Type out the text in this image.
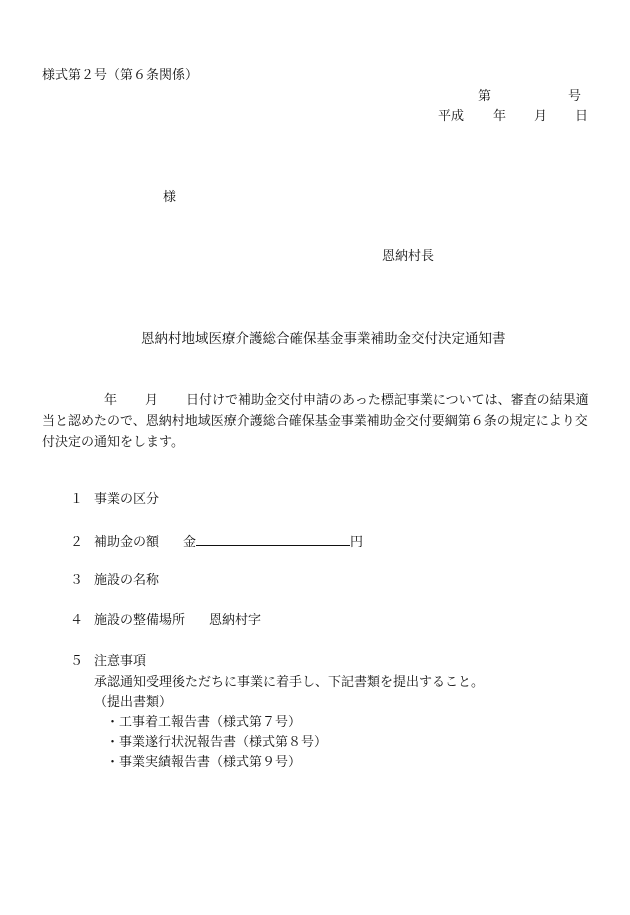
様式第２号（第６条関係）
第	号
平成 年 月 日
様
恩納村長
恩納村地域医療介護総合確保基金事業補助金交付決定通知書
年 月 日付けで補助金交付申請のあった標記事業については、審査の結果適
当と認めたので、恩納村地域医療介護総合確保基金事業補助金交付要綱第６条の規定により交
付決定の通知をします。
１ 事業の区分
２ 補助金の額 金	円
３ 施設の名称
４ 施設の整備場所 恩納村字
５ 注意事項
承認通知受理後ただちに事業に着手し、下記書類を提出すること。
（提出書類）
・工事着工報告書（様式第７号）
・事業遂行状況報告書（様式第８号）
・事業実績報告書（様式第９号）
